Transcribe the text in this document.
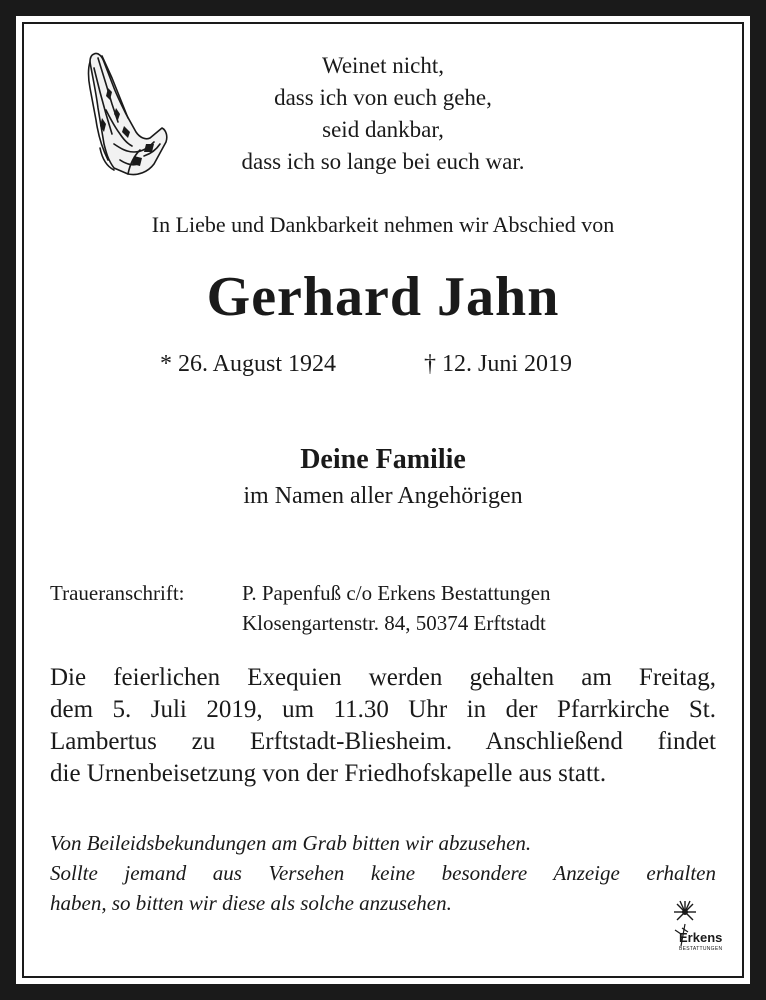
Weinet nicht,
dass ich von euch gehe,
seid dankbar,
dass ich so lange bei euch war.
In Liebe und Dankbarkeit nehmen wir Abschied von
Gerhard Jahn
* 26. August 1924	† 12. Juni 2019
Deine Familie
im Namen aller Angehörigen
Traueranschrift:	P. Papenfuß c/o Erkens Bestattungen
Klosengartenstr. 84, 50374 Erftstadt
Die feierlichen Exequien werden gehalten am Freitag,
dem 5. Juli 2019, um 11.30 Uhr in der Pfarrkirche St.
Lambertus zu Erftstadt-Bliesheim. Anschließend findet
die Urnenbeisetzung von der Friedhofskapelle aus statt.
Von Beileidsbekundungen am Grab bitten wir abzusehen.
Sollte jemand aus Versehen keine besondere Anzeige erhalten
haben, so bitten wir diese als solche anzusehen.
Erkens
BESTATTUNGEN
